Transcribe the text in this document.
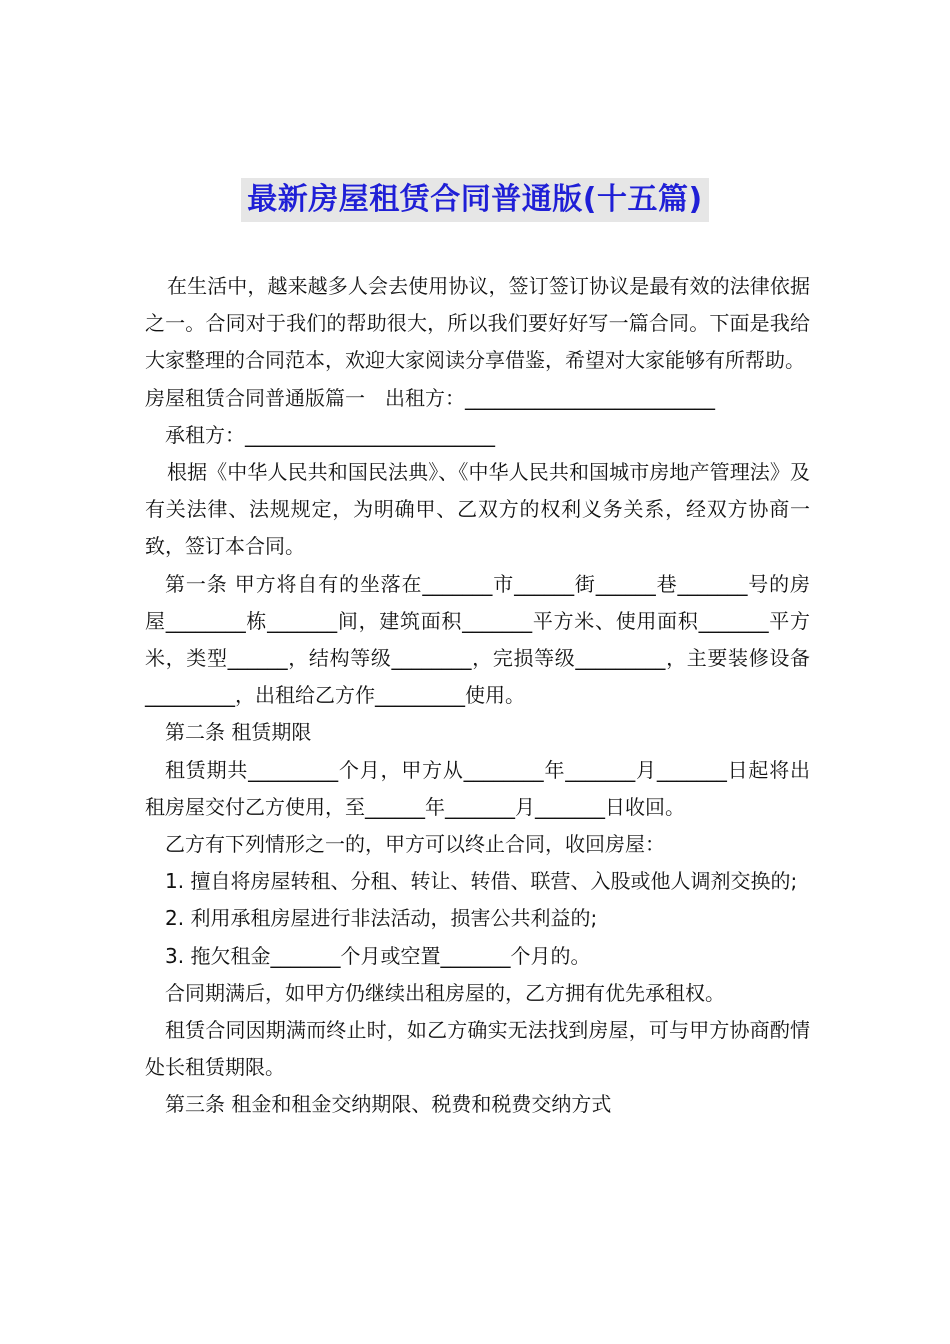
最新房屋租赁合同普通版(十五篇)

在生活中，越来越多人会去使用协议，签订签订协议是最有效的法律依据之一。合同对于我们的帮助很大，所以我们要好好写一篇合同。下面是我给大家整理的合同范本，欢迎大家阅读分享借鉴，希望对大家能够有所帮助。

房屋租赁合同普通版篇一　出租方：_________________________

承租方：_________________________

根据《中华人民共和国民法典》、《中华人民共和国城市房地产管理法》及有关法律、法规规定，为明确甲、乙双方的权利义务关系，经双方协商一致，签订本合同。

第一条 甲方将自有的坐落在_______市______街______巷_______号的房屋________栋_______间，建筑面积_______平方米、使用面积_______平方米，类型______，结构等级________，完损等级_________，主要装修设备_________，出租给乙方作_________使用。

第二条 租赁期限

租赁期共_________个月，甲方从________年_______月_______日起将出租房屋交付乙方使用，至______年_______月_______日收回。

乙方有下列情形之一的，甲方可以终止合同，收回房屋：

1. 擅自将房屋转租、分租、转让、转借、联营、入股或他人调剂交换的;

2. 利用承租房屋进行非法活动，损害公共利益的;

3. 拖欠租金_______个月或空置_______个月的。

合同期满后，如甲方仍继续出租房屋的，乙方拥有优先承租权。

租赁合同因期满而终止时，如乙方确实无法找到房屋，可与甲方协商酌情处长租赁期限。

第三条 租金和租金交纳期限、税费和税费交纳方式
